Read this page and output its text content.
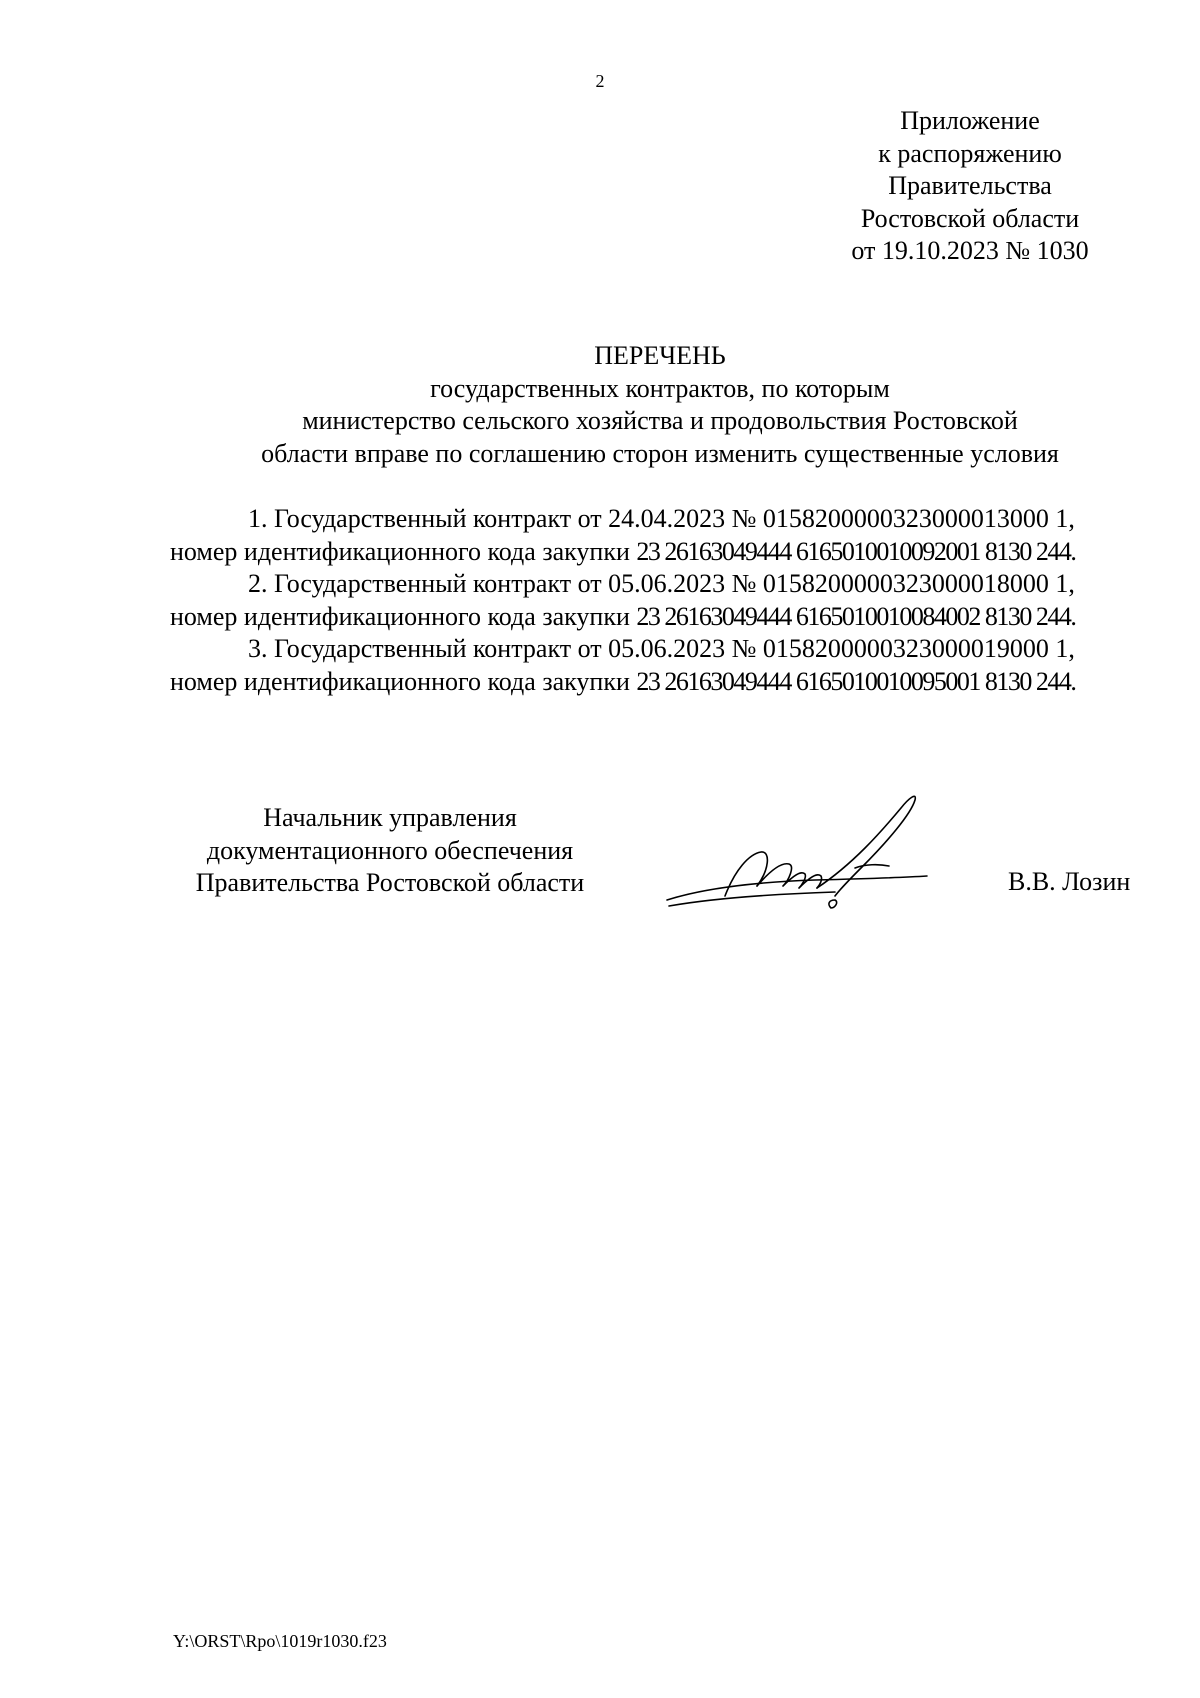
2
Приложение
к распоряжению
Правительства
Ростовской области
от 19.10.2023 № 1030
ПЕРЕЧЕНЬ
государственных контрактов, по которым
министерство сельского хозяйства и продовольствия Ростовской
области вправе по соглашению сторон изменить существенные условия
1. Государственный контракт от 24.04.2023 № 0158200000323000013000 1,
номер идентификационного кода закупки 23 26163049444 6165010010092001 8130 244.
2. Государственный контракт от 05.06.2023 № 0158200000323000018000 1,
номер идентификационного кода закупки 23 26163049444 6165010010084002 8130 244.
3. Государственный контракт от 05.06.2023 № 0158200000323000019000 1,
номер идентификационного кода закупки 23 26163049444 6165010010095001 8130 244.
Начальник управления
документационного обеспечения
Правительства Ростовской области	В.В. Лозин
Y:\ORST\Rpo\1019r1030.f23
